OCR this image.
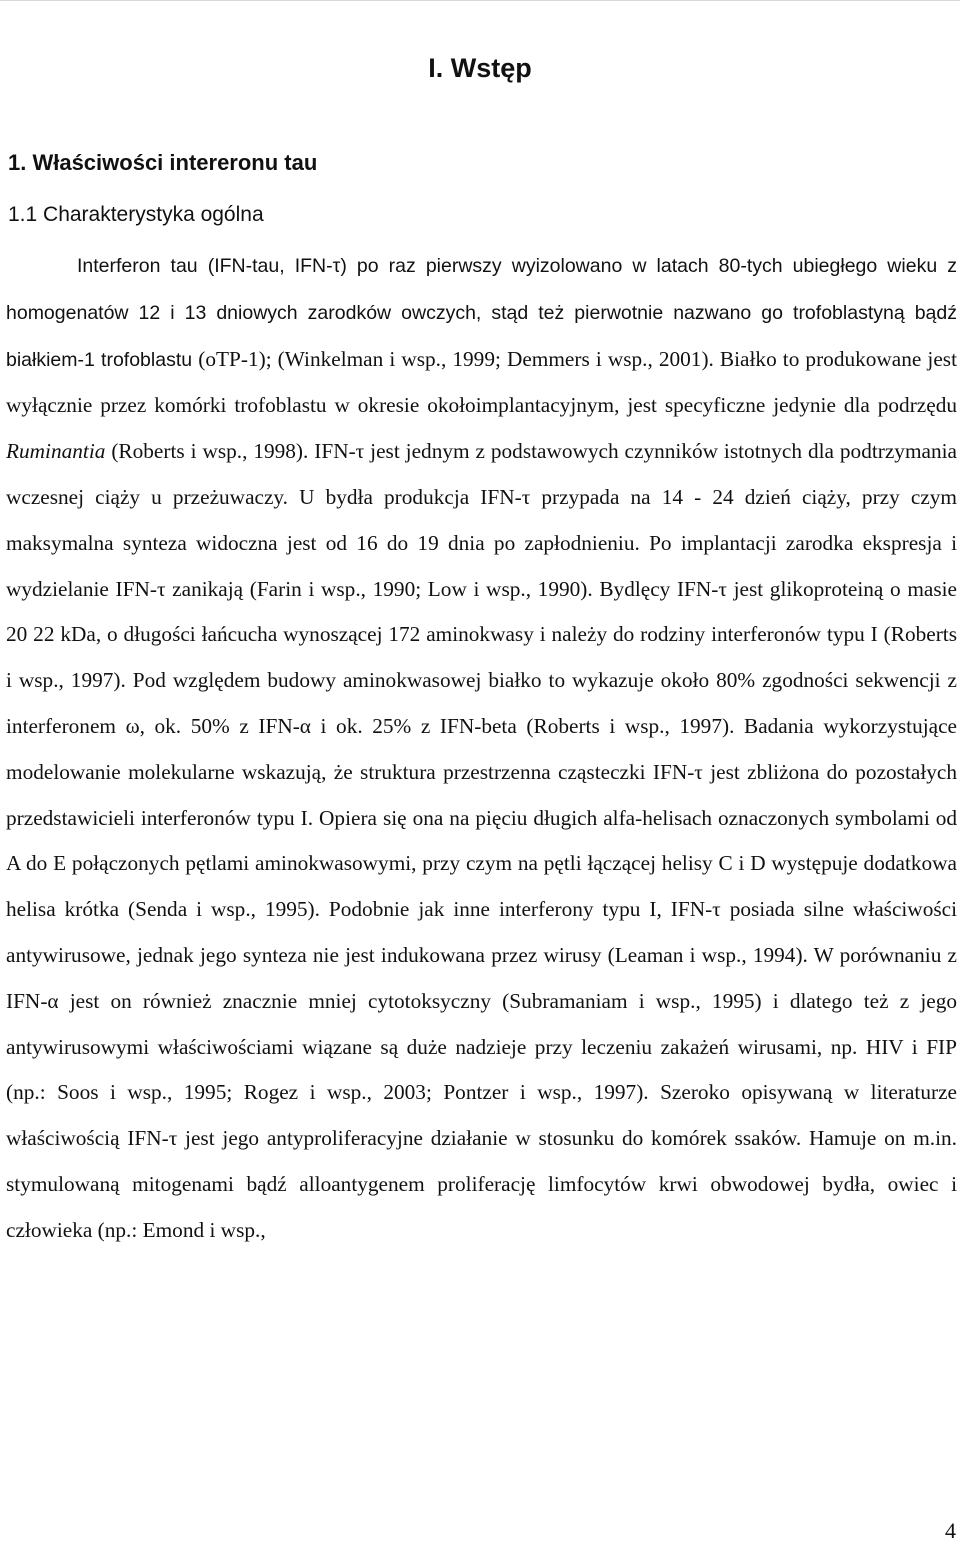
I. Wstęp
1. Właściwości intereronu tau
1.1 Charakterystyka ogólna

Interferon tau (IFN-tau, IFN-τ) po raz pierwszy wyizolowano w latach 80-tych ubiegłego wieku z homogenatów 12 i 13 dniowych zarodków owczych, stąd też pierwotnie nazwano go trofoblastyną bądź białkiem-1 trofoblastu (oTP-1); (Winkelman i wsp., 1999; Demmers i wsp., 2001). Białko to produkowane jest wyłącznie przez komórki trofoblastu w okresie okołoimplantacyjnym, jest specyficzne jedynie dla podrzędu Ruminantia (Roberts i wsp., 1998). IFN-τ jest jednym z podstawowych czynników istotnych dla podtrzymania wczesnej ciąży u przeżuwaczy. U bydła produkcja IFN-τ przypada na 14 - 24 dzień ciąży, przy czym maksymalna synteza widoczna jest od 16 do 19 dnia po zapłodnieniu. Po implantacji zarodka ekspresja i wydzielanie IFN-τ zanikają (Farin i wsp., 1990; Low i wsp., 1990). Bydlęcy IFN-τ jest glikoproteiną o masie 20 22 kDa, o długości łańcucha wynoszącej 172 aminokwasy i należy do rodziny interferonów typu I (Roberts i wsp., 1997). Pod względem budowy aminokwasowej białko to wykazuje około 80% zgodności sekwencji z interferonem ω, ok. 50% z IFN-α i ok. 25% z IFN-beta (Roberts i wsp., 1997). Badania wykorzystujące modelowanie molekularne wskazują, że struktura przestrzenna cząsteczki IFN-τ jest zbliżona do pozostałych przedstawicieli interferonów typu I. Opiera się ona na pięciu długich alfa-helisach oznaczonych symbolami od A do E połączonych pętlami aminokwasowymi, przy czym na pętli łączącej helisy C i D występuje dodatkowa helisa krótka (Senda i wsp., 1995). Podobnie jak inne interferony typu I, IFN-τ posiada silne właściwości antywirusowe, jednak jego synteza nie jest indukowana przez wirusy (Leaman i wsp., 1994). W porównaniu z IFN-α jest on również znacznie mniej cytotoksyczny (Subramaniam i wsp., 1995) i dlatego też z jego antywirusowymi właściwościami wiązane są duże nadzieje przy leczeniu zakażeń wirusami, np. HIV i FIP (np.: Soos i wsp., 1995; Rogez i wsp., 2003; Pontzer i wsp., 1997). Szeroko opisywaną w literaturze właściwością IFN-τ jest jego antyproliferacyjne działanie w stosunku do komórek ssaków. Hamuje on m.in. stymulowaną mitogenami bądź alloantygenem proliferację limfocytów krwi obwodowej bydła, owiec i człowieka (np.: Emond i wsp.,

4
